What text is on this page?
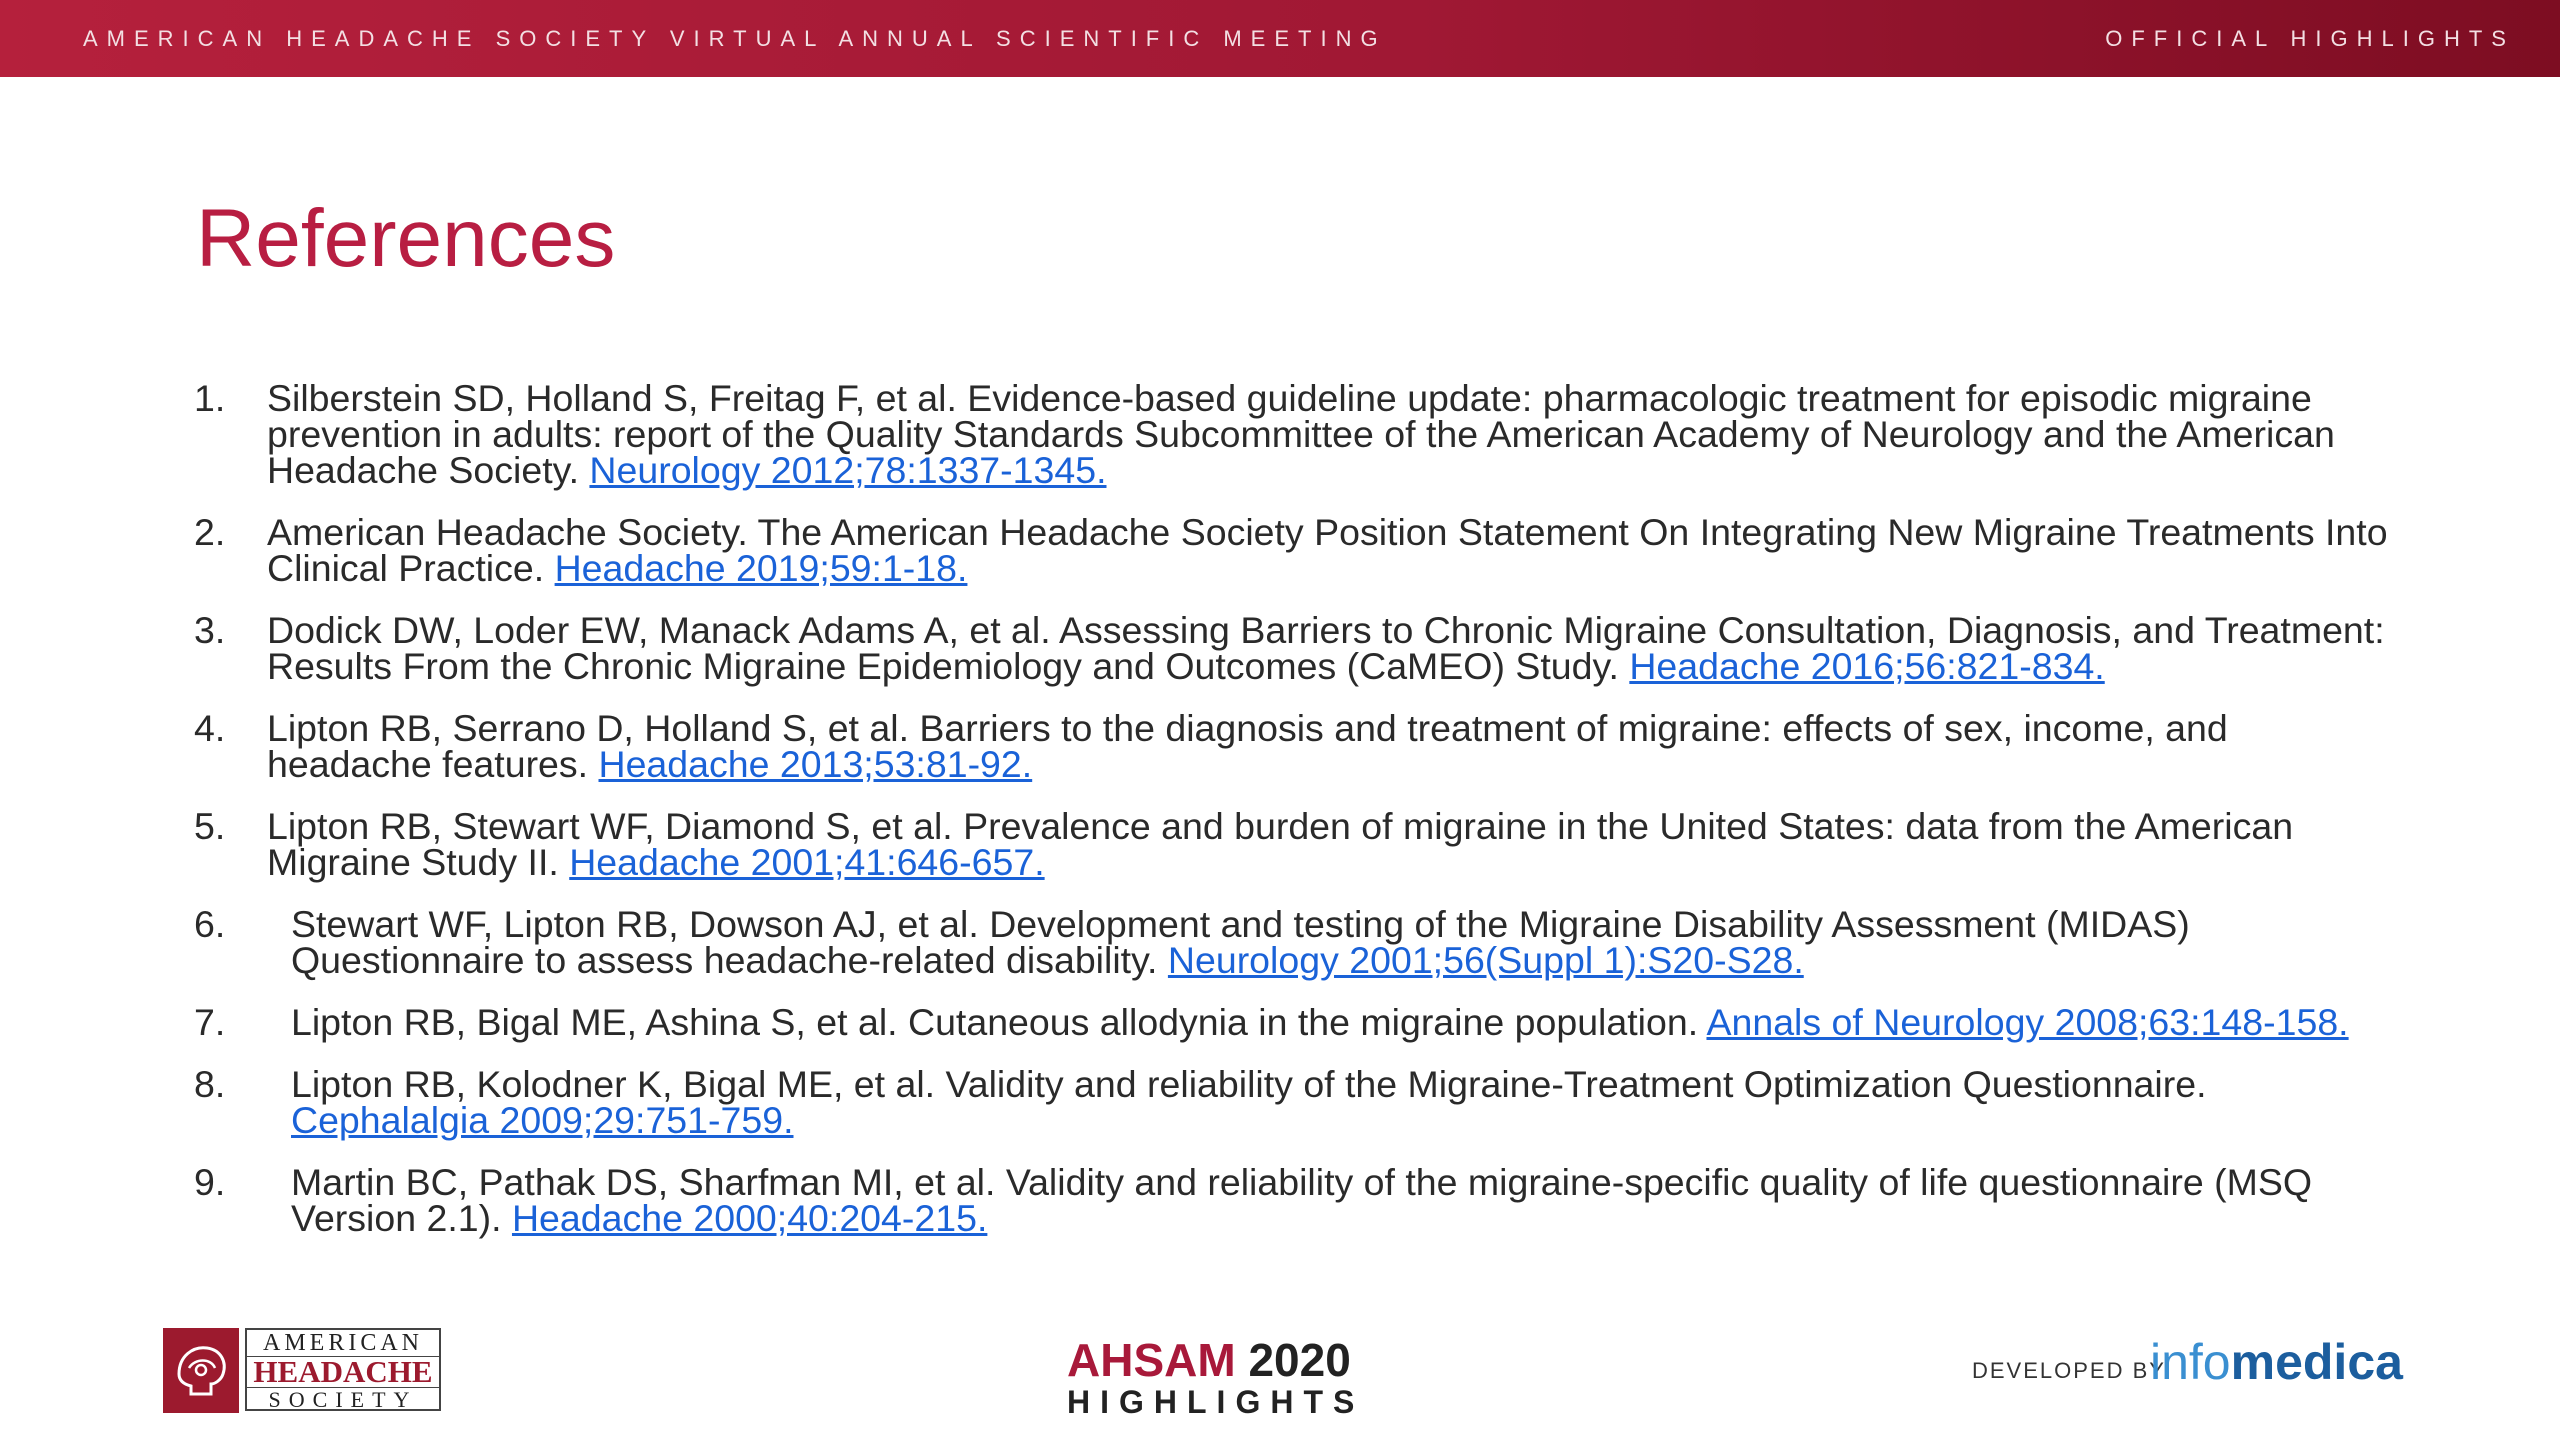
AMERICAN HEADACHE SOCIETY VIRTUAL ANNUAL SCIENTIFIC MEETING	OFFICIAL HIGHLIGHTS
References
1. Silberstein SD, Holland S, Freitag F, et al. Evidence-based guideline update: pharmacologic treatment for episodic migraine prevention in adults: report of the Quality Standards Subcommittee of the American Academy of Neurology and the American Headache Society. Neurology 2012;78:1337-1345.
2. American Headache Society. The American Headache Society Position Statement On Integrating New Migraine Treatments Into Clinical Practice. Headache 2019;59:1-18.
3. Dodick DW, Loder EW, Manack Adams A, et al. Assessing Barriers to Chronic Migraine Consultation, Diagnosis, and Treatment: Results From the Chronic Migraine Epidemiology and Outcomes (CaMEO) Study. Headache 2016;56:821-834.
4. Lipton RB, Serrano D, Holland S, et al. Barriers to the diagnosis and treatment of migraine: effects of sex, income, and headache features. Headache 2013;53:81-92.
5. Lipton RB, Stewart WF, Diamond S, et al. Prevalence and burden of migraine in the United States: data from the American Migraine Study II. Headache 2001;41:646-657.
6. Stewart WF, Lipton RB, Dowson AJ, et al. Development and testing of the Migraine Disability Assessment (MIDAS) Questionnaire to assess headache-related disability. Neurology 2001;56(Suppl 1):S20-S28.
7. Lipton RB, Bigal ME, Ashina S, et al. Cutaneous allodynia in the migraine population. Annals of Neurology 2008;63:148-158.
8. Lipton RB, Kolodner K, Bigal ME, et al. Validity and reliability of the Migraine-Treatment Optimization Questionnaire. Cephalalgia 2009;29:751-759.
9. Martin BC, Pathak DS, Sharfman MI, et al. Validity and reliability of the migraine-specific quality of life questionnaire (MSQ Version 2.1). Headache 2000;40:204-215.
AMERICAN
HEADACHE
SOCIETY
AHSAM 2020
HIGHLIGHTS
DEVELOPED BY
infomedica
